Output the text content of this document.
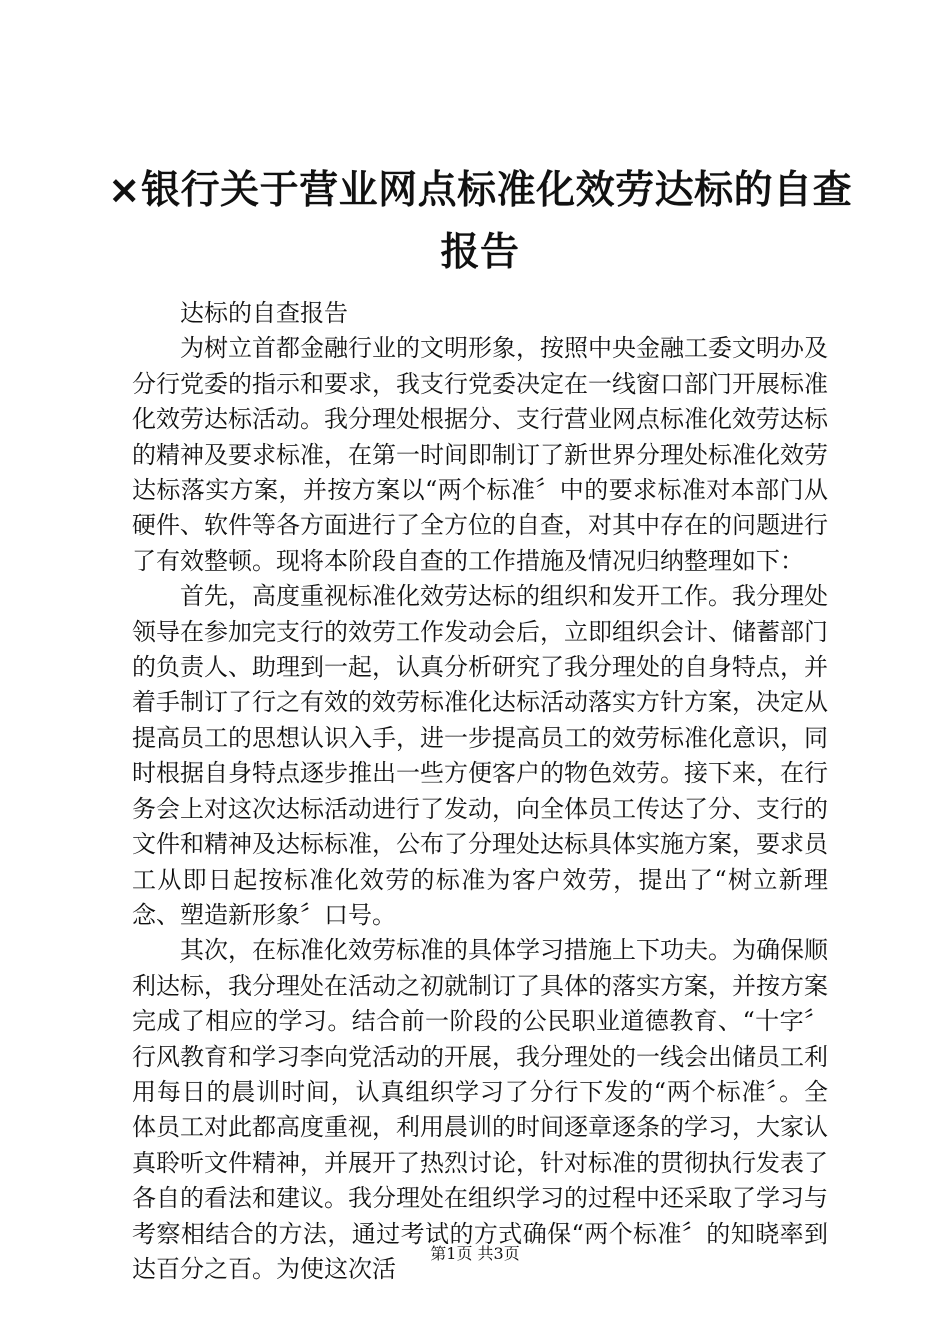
×银行关于营业网点标准化效劳达标的自查报告

达标的自查报告

为树立首都金融行业的文明形象，按照中央金融工委文明办及分行党委的指示和要求，我支行党委决定在一线窗口部门开展标准化效劳达标活动。我分理处根据分、支行营业网点标准化效劳达标的精神及要求标准，在第一时间即制订了新世界分理处标准化效劳达标落实方案，并按方案以“两个标准〞中的要求标准对本部门从硬件、软件等各方面进行了全方位的自查，对其中存在的问题进行了有效整顿。现将本阶段自查的工作措施及情况归纳整理如下：

首先，高度重视标准化效劳达标的组织和发开工作。我分理处领导在参加完支行的效劳工作发动会后，立即组织会计、储蓄部门的负责人、助理到一起，认真分析研究了我分理处的自身特点，并着手制订了行之有效的效劳标准化达标活动落实方针方案，决定从提高员工的思想认识入手，进一步提高员工的效劳标准化意识，同时根据自身特点逐步推出一些方便客户的物色效劳。接下来，在行务会上对这次达标活动进行了发动，向全体员工传达了分、支行的文件和精神及达标标准，公布了分理处达标具体实施方案，要求员工从即日起按标准化效劳的标准为客户效劳，提出了“树立新理念、塑造新形象〞口号。

其次，在标准化效劳标准的具体学习措施上下功夫。为确保顺利达标，我分理处在活动之初就制订了具体的落实方案，并按方案完成了相应的学习。结合前一阶段的公民职业道德教育、“十字〞行风教育和学习李向党活动的开展，我分理处的一线会出储员工利用每日的晨训时间，认真组织学习了分行下发的“两个标准〞。全体员工对此都高度重视，利用晨训的时间逐章逐条的学习，大家认真聆听文件精神，并展开了热烈讨论，针对标准的贯彻执行发表了各自的看法和建议。我分理处在组织学习的过程中还采取了学习与考察相结合的方法，通过考试的方式确保“两个标准〞的知晓率到达百分之百。为使这次活

第1页 共3页
